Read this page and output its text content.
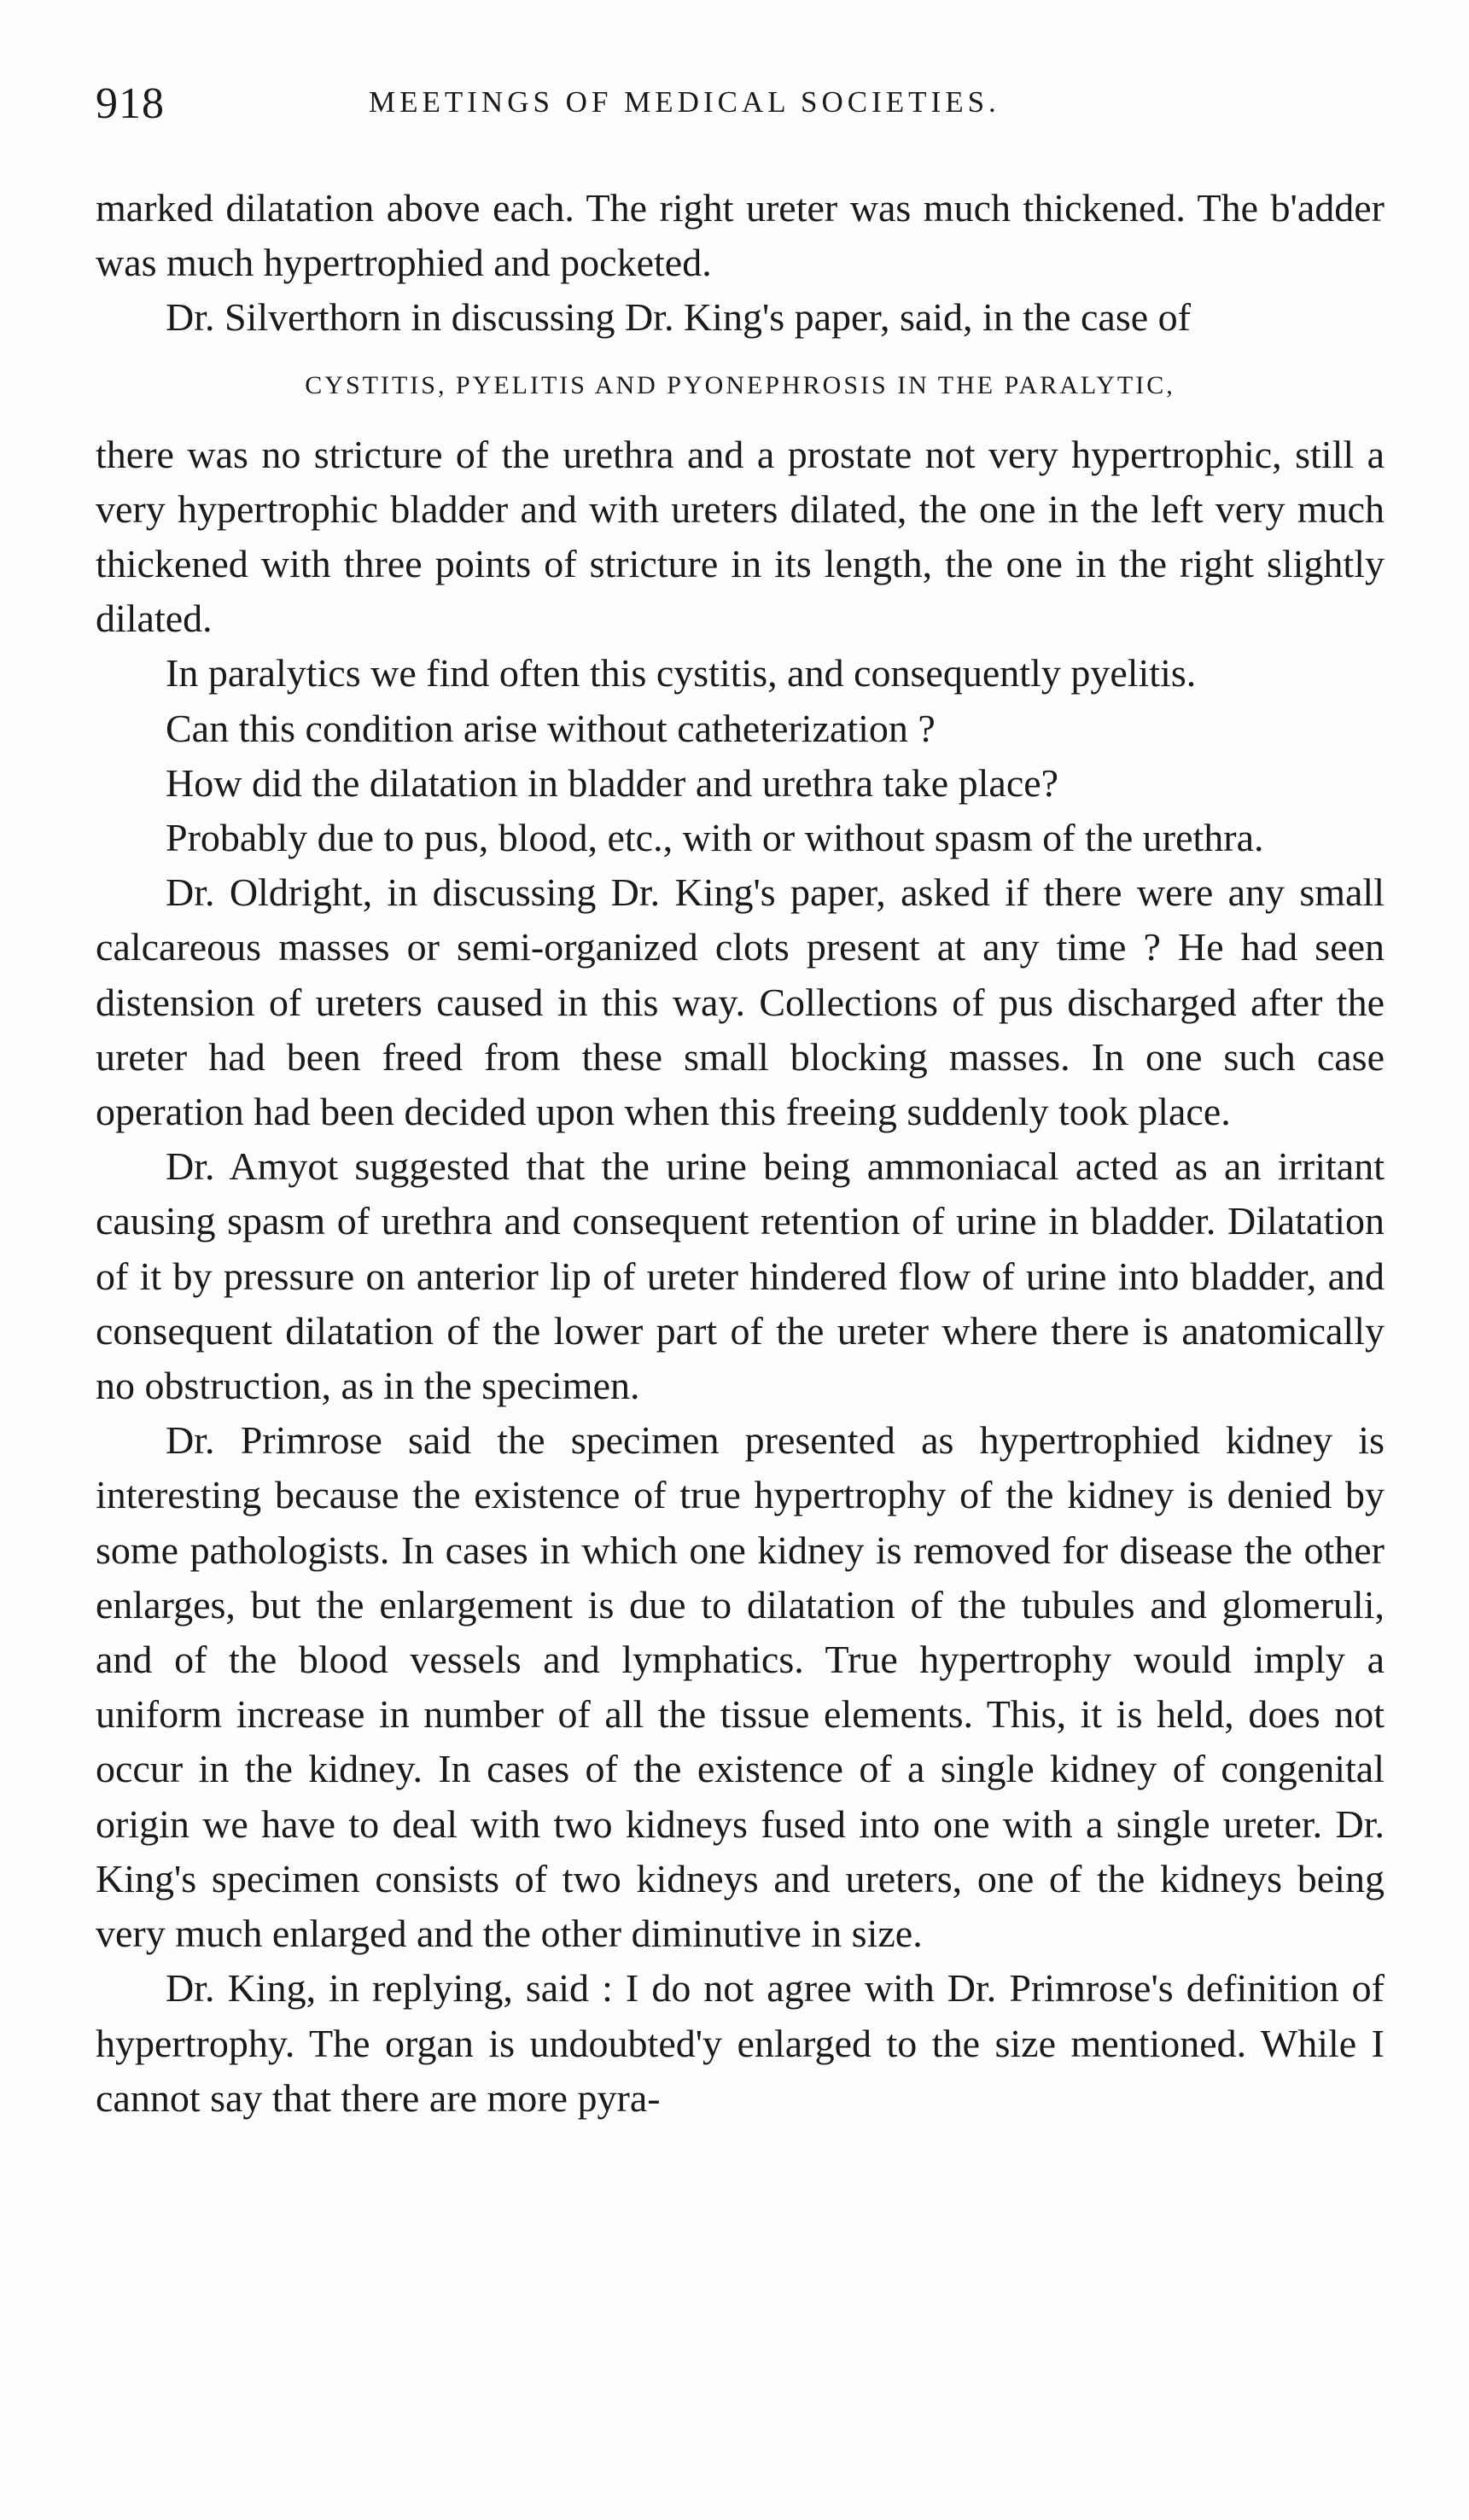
918	MEETINGS OF MEDICAL SOCIETIES.

marked dilatation above each. The right ureter was much thickened. The b'adder was much hypertrophied and pocketed.

Dr. Silverthorn in discussing Dr. King's paper, said, in the case of

CYSTITIS, PYELITIS AND PYONEPHROSIS IN THE PARALYTIC,

there was no stricture of the urethra and a prostate not very hypertrophic, still a very hypertrophic bladder and with ureters dilated, the one in the left very much thickened with three points of stricture in its length, the one in the right slightly dilated.

In paralytics we find often this cystitis, and consequently pyelitis.

Can this condition arise without catheterization ?

How did the dilatation in bladder and urethra take place?

Probably due to pus, blood, etc., with or without spasm of the urethra.

Dr. Oldright, in discussing Dr. King's paper, asked if there were any small calcareous masses or semi-organized clots present at any time ? He had seen distension of ureters caused in this way. Collections of pus discharged after the ureter had been freed from these small blocking masses. In one such case operation had been decided upon when this freeing suddenly took place.

Dr. Amyot suggested that the urine being ammoniacal acted as an irritant causing spasm of urethra and consequent retention of urine in bladder. Dilatation of it by pressure on anterior lip of ureter hindered flow of urine into bladder, and consequent dilatation of the lower part of the ureter where there is anatomically no obstruction, as in the specimen.

Dr. Primrose said the specimen presented as hypertrophied kidney is interesting because the existence of true hypertrophy of the kidney is denied by some pathologists. In cases in which one kidney is removed for disease the other enlarges, but the enlargement is due to dilatation of the tubules and glomeruli, and of the blood vessels and lymphatics. True hypertrophy would imply a uniform increase in number of all the tissue elements. This, it is held, does not occur in the kidney. In cases of the existence of a single kidney of congenital origin we have to deal with two kidneys fused into one with a single ureter. Dr. King's specimen consists of two kidneys and ureters, one of the kidneys being very much enlarged and the other diminutive in size.

Dr. King, in replying, said : I do not agree with Dr. Primrose's definition of hypertrophy. The organ is undoubted'y enlarged to the size mentioned. While I cannot say that there are more pyra-
